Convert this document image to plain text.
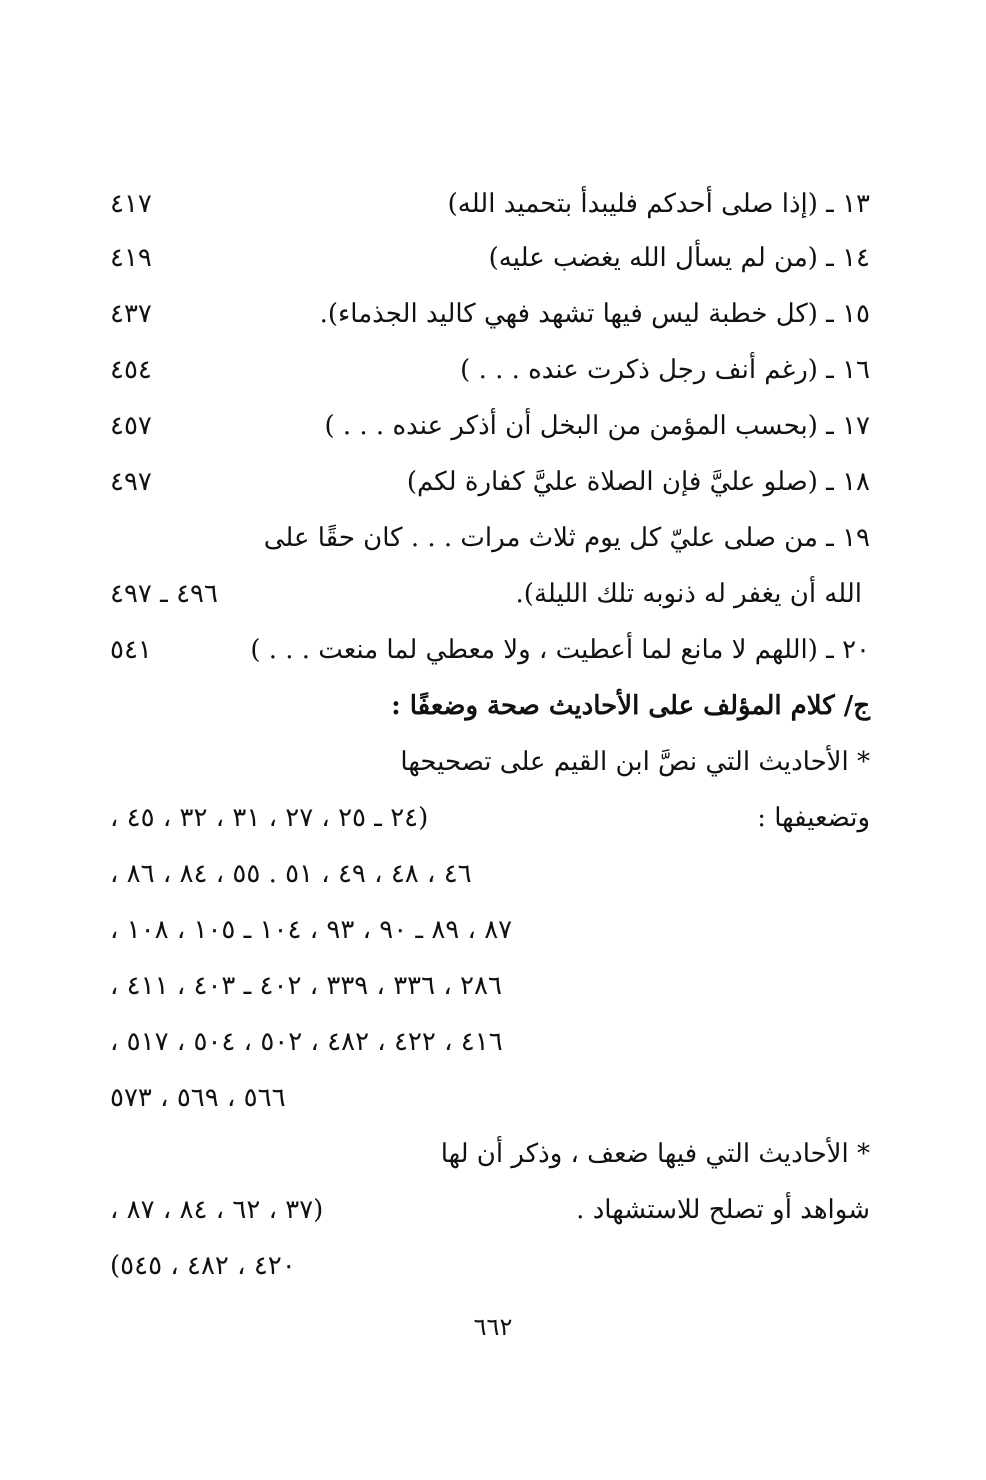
١٣ ـ (إذا صلى أحدكم فليبدأ بتحميد الله)
٤١٧
١٤ ـ (من لم يسأل الله يغضب عليه)
٤١٩
١٥ ـ (كل خطبة ليس فيها تشهد فهي كاليد الجذماء).
٤٣٧
١٦ ـ (رغم أنف رجل ذكرت عنده . . . )
٤٥٤
١٧ ـ (بحسب المؤمن من البخل أن أذكر عنده . . . )
٤٥٧
١٨ ـ (صلو عليَّ فإن الصلاة عليَّ كفارة لكم)
٤٩٧
١٩ ـ من صلى عليّ كل يوم ثلاث مرات . . . كان حقًا على
الله أن يغفر له ذنوبه تلك الليلة).
٤٩٦ ـ ٤٩٧
٢٠ ـ (اللهم لا مانع لما أعطيت ، ولا معطي لما منعت . . . )
٥٤١
ج/ كلام المؤلف على الأحاديث صحة وضعفًا :
* الأحاديث التي نصَّ ابن القيم على تصحيحها
وتضعيفها :
(٢٤ ـ ٢٥ ، ٢٧ ، ٣١ ، ٣٢ ، ٤٥ ،
٤٦ ، ٤٨ ، ٤٩ ، ٥١ . ٥٥ ، ٨٤ ، ٨٦ ،
٨٧ ، ٨٩ ـ ٩٠ ، ٩٣ ، ١٠٤ ـ ١٠٥ ، ١٠٨ ،
٢٨٦ ، ٣٣٦ ، ٣٣٩ ، ٤٠٢ ـ ٤٠٣ ، ٤١١ ،
٤١٦ ، ٤٢٢ ، ٤٨٢ ، ٥٠٢ ، ٥٠٤ ، ٥١٧ ،
٥٦٦ ، ٥٦٩ ، ٥٧٣
* الأحاديث التي فيها ضعف ، وذكر أن لها
شواهد أو تصلح للاستشهاد .
(٣٧ ، ٦٢ ، ٨٤ ، ٨٧ ،
٤٢٠ ، ٤٨٢ ، ٥٤٥)
٦٦٢
